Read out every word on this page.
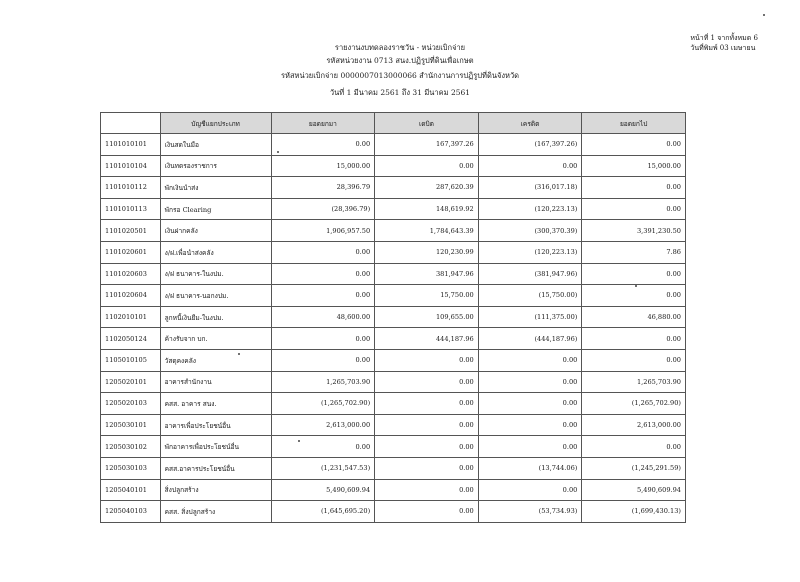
รายงานงบทดลองราชวัน - หน่วยเบิกจ่าย
รหัสหน่วยงาน 0713 สนง.ปฏิรูปที่ดินเพื่อเกษต
รหัสหน่วยเบิกจ่าย 0000007013000066 สำนักงานการปฏิรูปที่ดินจังหวัด
วันที่ 1 มีนาคม 2561 ถึง 31 มีนาคม 2561
หน้าที่ 1 จากทั้งหมด 6
วันที่พิมพ์ 03 เมษายน
	บัญชีแยกประเภท	ยอดยกมา	เดบิต	เครดิต	ยอดยกไป
1101010101	เงินสดในมือ	0.00	167,397.26	(167,397.26)	0.00
1101010104	เงินทดรองราชการ	15,000.00	0.00	0.00	15,000.00
1101010112	พักเงินนำส่ง	28,396.79	287,620.39	(316,017.18)	0.00
1101010113	พักรอ Clearing	(28,396.79)	148,619.92	(120,223.13)	0.00
1101020501	เงินฝากคลัง	1,906,957.50	1,784,643.39	(300,370.39)	3,391,230.50
1101020601	ง/ฝ.เพื่อนำส่งคลัง	0.00	120,230.99	(120,223.13)	7.86
1101020603	ง/ฝ ธนาคาร-ในงปม.	0.00	381,947.96	(381,947.96)	0.00
1101020604	ง/ฝ ธนาคาร-นอกงปม.	0.00	15,750.00	(15,750.00)	0.00
1102010101	ลูกหนี้เงินยืม-ในงปม.	48,600.00	109,655.00	(111,375.00)	46,880.00
1102050124	ค้างรับจาก บก.	0.00	444,187.96	(444,187.96)	0.00
1105010105	วัสดุคงคลัง	0.00	0.00	0.00	0.00
1205020101	อาคารสำนักงาน	1,265,703.90	0.00	0.00	1,265,703.90
1205020103	คสส. อาคาร สนง.	(1,265,702.90)	0.00	0.00	(1,265,702.90)
1205030101	อาคารเพื่อประโยชน์อื่น	2,613,000.00	0.00	0.00	2,613,000.00
1205030102	พักอาคารเพื่อประโยชน์อื่น	0.00	0.00	0.00	0.00
1205030103	คสส.อาคารประโยชน์อื่น	(1,231,547.53)	0.00	(13,744.06)	(1,245,291.59)
1205040101	สิ่งปลูกสร้าง	5,490,609.94	0.00	0.00	5,490,609.94
1205040103	คสส. สิ่งปลูกสร้าง	(1,645,695.20)	0.00	(53,734.93)	(1,699,430.13)
